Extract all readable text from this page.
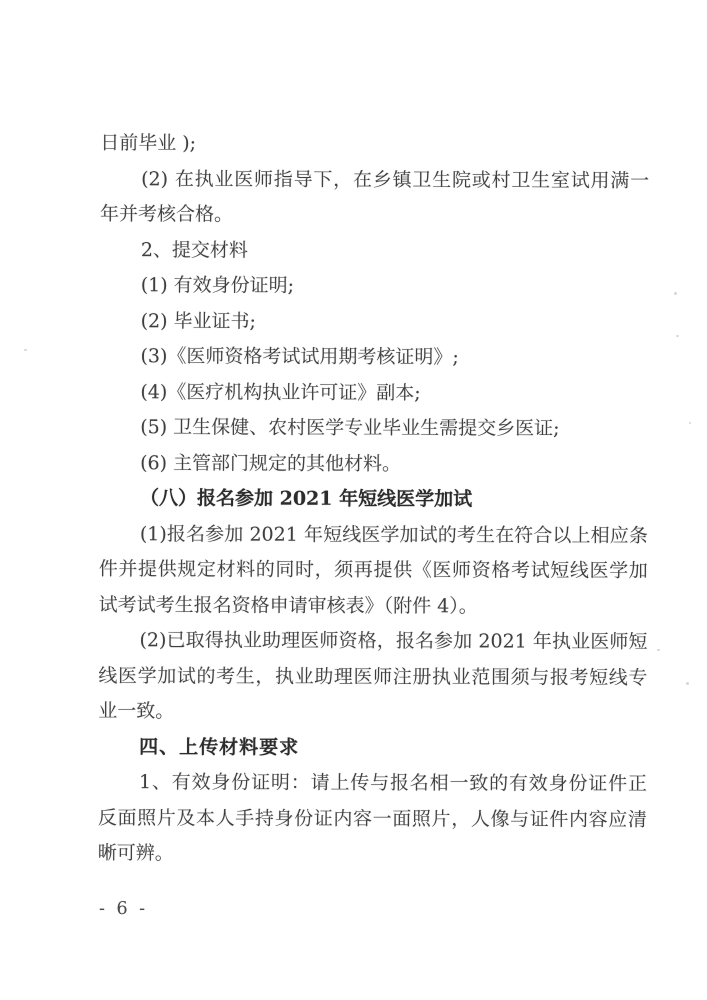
日前毕业 );
(2) 在执业医师指导下，在乡镇卫生院或村卫生室试用满一
年并考核合格。
2、提交材料
(1) 有效身份证明;
(2) 毕业证书;
(3)《医师资格考试试用期考核证明》;
(4)《医疗机构执业许可证》副本;
(5) 卫生保健、农村医学专业毕业生需提交乡医证;
(6) 主管部门规定的其他材料。
（八）报名参加 2021 年短线医学加试
(1)报名参加 2021 年短线医学加试的考生在符合以上相应条
件并提供规定材料的同时，须再提供《医师资格考试短线医学加
试考试考生报名资格申请审核表》（附件 4）。
(2)已取得执业助理医师资格，报名参加 2021 年执业医师短
线医学加试的考生，执业助理医师注册执业范围须与报考短线专
业一致。
四、上传材料要求
1、有效身份证明：请上传与报名相一致的有效身份证件正
反面照片及本人手持身份证内容一面照片，人像与证件内容应清
晰可辨。
- 6 -
